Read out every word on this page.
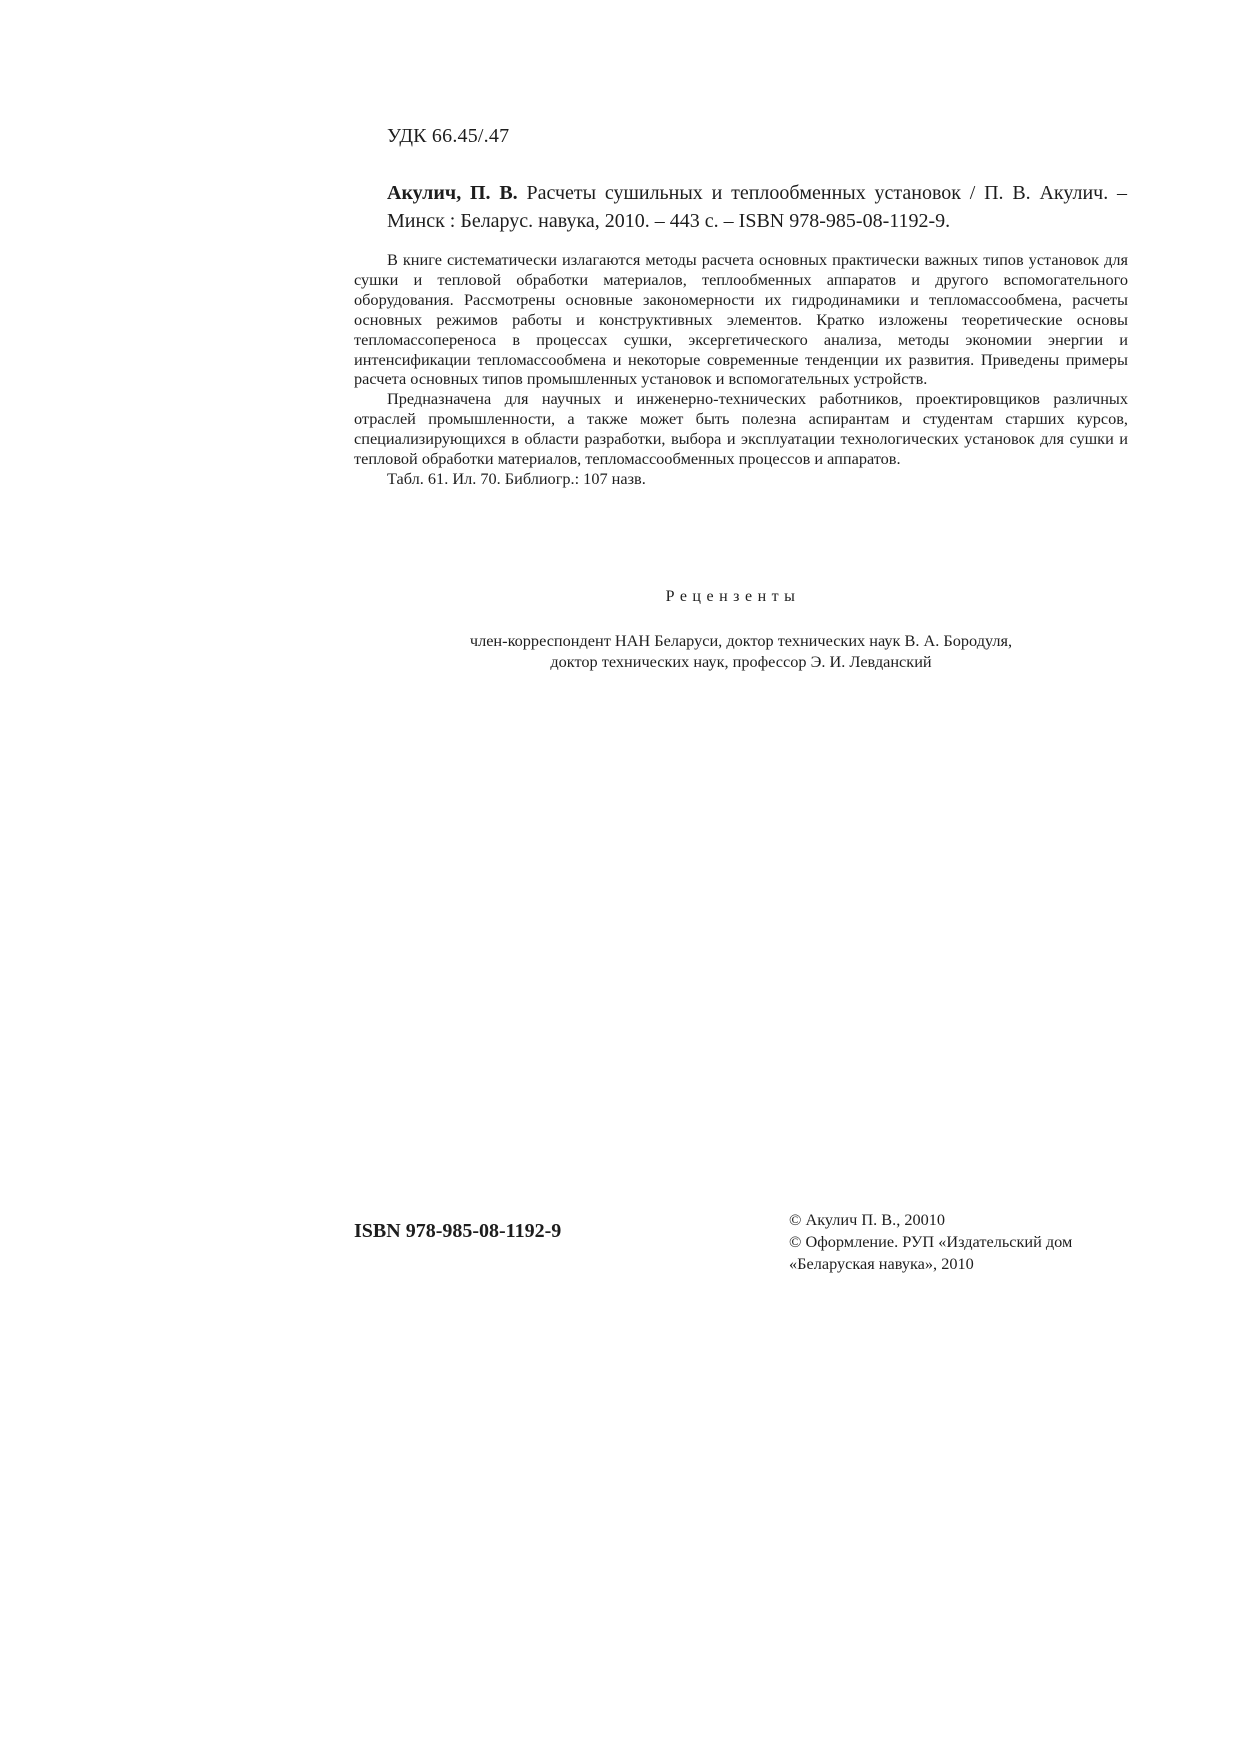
УДК 66.45/.47
Акулич, П. В. Расчеты сушильных и теплообменных установок / П. В. Акулич. – Минск : Беларус. навука, 2010. – 443 с. – ISBN 978-985-08-1192-9.

В книге систематически излагаются методы расчета основных практически важных типов установок для сушки и тепловой обработки материалов, теплообменных аппаратов и другого вспомогательного оборудования. Рассмотрены основные закономерности их гидродинамики и тепломассообмена, расчеты основных режимов работы и конструктивных элементов. Кратко изложены теоретические основы тепломассопереноса в процессах сушки, эксергетического анализа, методы экономии энергии и интенсификации тепломассообмена и некоторые современные тенденции их развития. Приведены примеры расчета основных типов промышленных установок и вспомогательных устройств.

Предназначена для научных и инженерно-технических работников, проектировщиков различных отраслей промышленности, а также может быть полезна аспирантам и студентам старших курсов, специализирующихся в области разработки, выбора и эксплуатации технологических установок для сушки и тепловой обработки материалов, тепломассообменных процессов и аппаратов.

Табл. 61. Ил. 70. Библиогр.: 107 назв.

Рецензенты
член-корреспондент НАН Беларуси, доктор технических наук В. А. Бородуля,
доктор технических наук, профессор Э. И. Левданский
ISBN 978-985-08-1192-9
© Акулич П. В., 20010
© Оформление. РУП «Издательский дом
«Беларуская навука», 2010
